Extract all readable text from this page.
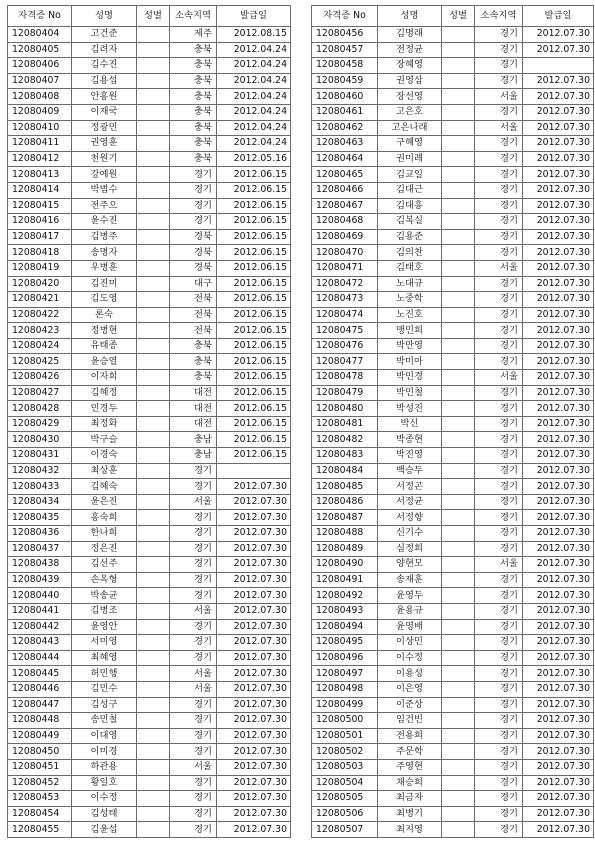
자격증 No	성명	성별	소속지역	발급일
12080404	고건준		제주	2012.08.15
12080405	김려자		충북	2012.04.24
12080406	김수진		충북	2012.04.24
12080407	김용섭		충북	2012.04.24
12080408	안홍원		충북	2012.04.24
12080409	이재국		충북	2012.04.24
12080410	정광민		충북	2012.04.24
12080411	권영훈		충북	2012.04.24
12080412	천원기		충북	2012.05.16
12080413	강예원		경기	2012.06.15
12080414	박범수		경기	2012.06.15
12080415	전주으		경기	2012.06.15
12080416	윤수진		경기	2012.06.15
12080417	김병주		경북	2012.06.15
12080418	송명자		경북	2012.06.15
12080419	우병훈		경북	2012.06.15
12080420	김진미		대구	2012.06.15
12080421	김도영		전북	2012.06.15
12080422	론숙		전북	2012.06.15
12080423	정병현		전북	2012.06.15
12080424	유태종		충북	2012.06.15
12080425	윤승열		충북	2012.06.15
12080426	이자희		충북	2012.06.15
12080427	김혜정		대전	2012.06.15
12080428	민경두		대전	2012.06.15
12080429	최정화		대전	2012.06.15
12080430	박구슬		충남	2012.06.15
12080431	이경숙		충남	2012.06.15
12080432	최상훈		경기	
12080433	김혜숙		경기	2012.07.30
12080434	윤은진		서울	2012.07.30
12080435	홍숙희		경기	2012.07.30
12080436	한나희		경기	2012.07.30
12080437	정은진		경기	2012.07.30
12080438	김선주		경기	2012.07.30
12080439	손옥형		경기	2012.07.30
12080440	박송균		경기	2012.07.30
12080441	김병조		서울	2012.07.30
12080442	윤영안		경기	2012.07.30
12080443	서미영		경기	2012.07.30
12080444	최혜영		경기	2012.07.30
12080445	허민행		서울	2012.07.30
12080446	김민수		서울	2012.07.30
12080447	김성구		경기	2012.07.30
12080448	송민철		경기	2012.07.30
12080449	이대영		경기	2012.07.30
12080450	이미경		경기	2012.07.30
12080451	하관용		서울	2012.07.30
12080452	황일호		경기	2012.07.30
12080453	이수정		경기	2012.07.30
12080454	김성태		경기	2012.07.30
12080455	김윤섭		경기	2012.07.30
자격증 No	성명	성별	소속지역	발급일
12080456	김명래		경기	2012.07.30
12080457	전정균		경기	2012.07.30
12080458	장혜영		경기	
12080459	권영삼		경기	2012.07.30
12080460	장선영		서울	2012.07.30
12080461	고은호		경기	2012.07.30
12080462	고은나래		서울	2012.07.30
12080463	구혜영		경기	2012.07.30
12080464	권미례		경기	2012.07.30
12080465	김교일		경기	2012.07.30
12080466	김대근		경기	2012.07.30
12080467	김대흥		경기	2012.07.30
12080468	김복실		경기	2012.07.30
12080469	김용준		경기	2012.07.30
12080470	김의찬		경기	2012.07.30
12080471	김태호		서울	2012.07.30
12080472	노대규		경기	2012.07.30
12080473	노중학		경기	2012.07.30
12080474	노진호		경기	2012.07.30
12080475	맹민희		경기	2012.07.30
12080476	박만영		경기	2012.07.30
12080477	박미아		경기	2012.07.30
12080478	박민경		서울	2012.07.30
12080479	박민철		경기	2012.07.30
12080480	박성진		경기	2012.07.30
12080481	박신		경기	2012.07.30
12080482	박종현		경기	2012.07.30
12080483	박진영		경기	2012.07.30
12080484	백승두		경기	2012.07.30
12080485	서정곤		경기	2012.07.30
12080486	서정균		경기	2012.07.30
12080487	서정향		경기	2012.07.30
12080488	신기수		경기	2012.07.30
12080489	심정희		경기	2012.07.30
12080490	양현모		서울	2012.07.30
12080491	송재훈		경기	2012.07.30
12080492	윤영두		경기	2012.07.30
12080493	윤용규		경기	2012.07.30
12080494	윤영배		경기	2012.07.30
12080495	이상민		경기	2012.07.30
12080496	이수정		경기	2012.07.30
12080497	이용성		경기	2012.07.30
12080498	이은영		경기	2012.07.30
12080499	이준상		경기	2012.07.30
12080500	임건빈		경기	2012.07.30
12080501	전용희		경기	2012.07.30
12080502	주문학		경기	2012.07.30
12080503	주영현		경기	2012.07.30
12080504	채승희		경기	2012.07.30
12080505	최금자		경기	2012.07.30
12080506	최병기		경기	2012.07.30
12080507	최지영		경기	2012.07.30
